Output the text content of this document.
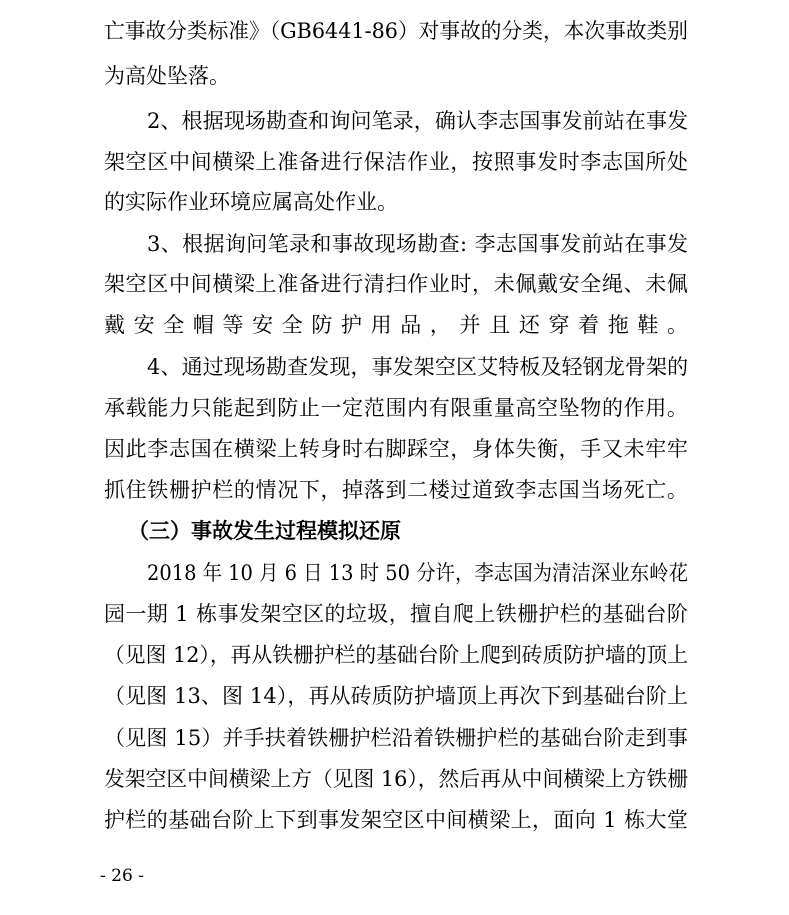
亡事故分类标准》（GB6441-86）对事故的分类，本次事故类别
为高处坠落。
2、根据现场勘查和询问笔录，确认李志国事发前站在事发
架空区中间横梁上准备进行保洁作业，按照事发时李志国所处
的实际作业环境应属高处作业。
3、根据询问笔录和事故现场勘查: 李志国事发前站在事发
架空区中间横梁上准备进行清扫作业时，未佩戴安全绳、未佩
戴安全帽等安全防护用品，并且还穿着拖鞋。
4、通过现场勘查发现，事发架空区艾特板及轻钢龙骨架的
承载能力只能起到防止一定范围内有限重量高空坠物的作用。
因此李志国在横梁上转身时右脚踩空，身体失衡，手又未牢牢
抓住铁栅护栏的情况下，掉落到二楼过道致李志国当场死亡。
（三）事故发生过程模拟还原
2018 年 10 月 6 日 13 时 50 分许，李志国为清洁深业东岭花
园一期 1 栋事发架空区的垃圾，擅自爬上铁栅护栏的基础台阶
（见图 12），再从铁栅护栏的基础台阶上爬到砖质防护墙的顶上
（见图 13、图 14），再从砖质防护墙顶上再次下到基础台阶上
（见图 15）并手扶着铁栅护栏沿着铁栅护栏的基础台阶走到事
发架空区中间横梁上方（见图 16），然后再从中间横梁上方铁栅
护栏的基础台阶上下到事发架空区中间横梁上，面向 1 栋大堂
- 26 -
